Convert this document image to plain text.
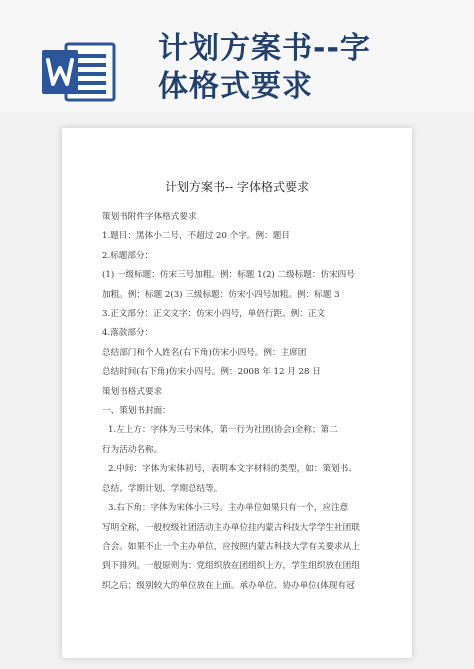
计划方案书--字
体格式要求
计划方案书-- 字体格式要求

策划书附件字体格式要求

1.题目：黑体小二号，不超过 20 个字。例：题目

2.标题部分：

(1) 一级标题：仿宋三号加粗。例：标题 1(2) 二级标题：仿宋四号

加粗。例：标题 2(3) 三级标题：仿宋小四号加粗。例：标题 3

3.正文部分：正文文字：仿宋小四号，单倍行距。例：正文

4.落款部分：

总结部门和个人姓名(右下角)仿宋小四号。例：主席团

总结时间(右下角)仿宋小四号。例：2008 年 12 月 28 日

策划书格式要求

一、策划书封面：

1.左上方：字体为三号宋体，第一行为社团(协会)全称；第二

行为活动名称。

2.中间：字体为宋体初号，表明本文字材料的类型，如：策划书、

总结、学期计划、学期总结等。

3.右下角：字体为宋体小三号。主办单位如果只有一个，应注意

写明全称，一般校级社团活动主办单位挂内蒙古科技大学学生社团联

合会。如果不止一个主办单位，应按照内蒙古科技大学有关要求从上

到下排列。一般原则为：党组织放在团组织上方，学生组织放在团组

织之后；级别较大的单位放在上面。承办单位、协办单位(体现有冠
